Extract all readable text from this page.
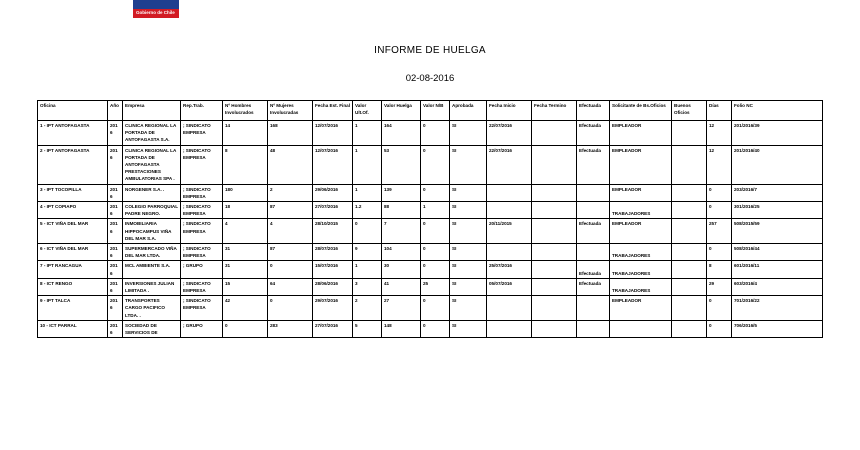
Gobierno de Chile
INFORME DE HUELGA
02-08-2016
Oficina	Año	Empresa	Rep.Trab.	Nº Hombres Involucrados	Nº Mujeres Involucradas	Fecha Est. Final	Valor Ult.Of.	Valor Huelga	Valor N/B	Aprobada	Fecha Inicio	Fecha Termino	Efectuada	Solicitante de Bs.Oficios	Buenos Oficios	Días	Folio NC
1 - IPT ANTOFAGASTA	2016	CLINICA REGIONAL LA PORTADA DE ANTOFAGASTA S.A.	; SINDICATO EMPRESA	14	168	12/07/2016	1	164	0	SI	22/07/2016		Efectuada	EMPLEADOR		12	201/2016/39
2 - IPT ANTOFAGASTA	2016	CLINICA REGIONAL LA PORTADA DE ANTOFAGASTA PRESTACIONES AMBULATORIAS SPA .	; SINDICATO EMPRESA	8	48	12/07/2016	1	53	0	SI	22/07/2016		Efectuada	EMPLEADOR		12	201/2016/40
3 - IPT TOCOPILLA	2016	NORGENER S.A. .	; SINDICATO EMPRESA	180	2	29/06/2016	1	139	0	SI				EMPLEADOR		0	203/2016/7
4 - IPT COPIAPO	2016	COLEGIO PARROQUIAL PADRE NEGRO.	; SINDICATO EMPRESA	18	87	27/07/2016	1.2	88	1	SI				TRABAJADORES		0	301/2016/25
5 - ICT VIÑA DEL MAR	2016	INMOBILIARIA HIPPOCAMPUS VIÑA DEL MAR S.A.	; SINDICATO EMPRESA	4	4	28/10/2015	0	7	0	SI	20/11/2015		Efectuada	EMPLEADOR		257	508/2015/59
6 - ICT VIÑA DEL MAR	2016	SUPERMERCADO VIÑA DEL MAR LTDA.	; SINDICATO EMPRESA	31	87	28/07/2016	9	104	0	SI				TRABAJADORES		0	508/2016/44
7 - IPT RANCAGUA	2016	MCL AMBIENTE S.A.	; GRUPO	31	0	15/07/2016	1	30	0	SI	25/07/2016		Efectuada	TRABAJADORES		8	601/2016/11
8 - ICT RENGO	2016	INVERSIONES JULIAN LIMITADA .	; SINDICATO EMPRESA	15	64	28/06/2016	3	41	25	SI	05/07/2016		Efectuada	TRABAJADORES		29	603/2016/4
9 - IPT TALCA	2016	TRANSPORTES CARGO PACIFICO LTDA. .	; SINDICATO EMPRESA	42	0	29/07/2016	2	27	0	SI				EMPLEADOR		0	701/2016/22
10 - ICT PARRAL	2016	SOCIEDAD DE SERVICIOS DE	; GRUPO	0	283	27/07/2016	5	148	0	SI						0	706/2016/5
